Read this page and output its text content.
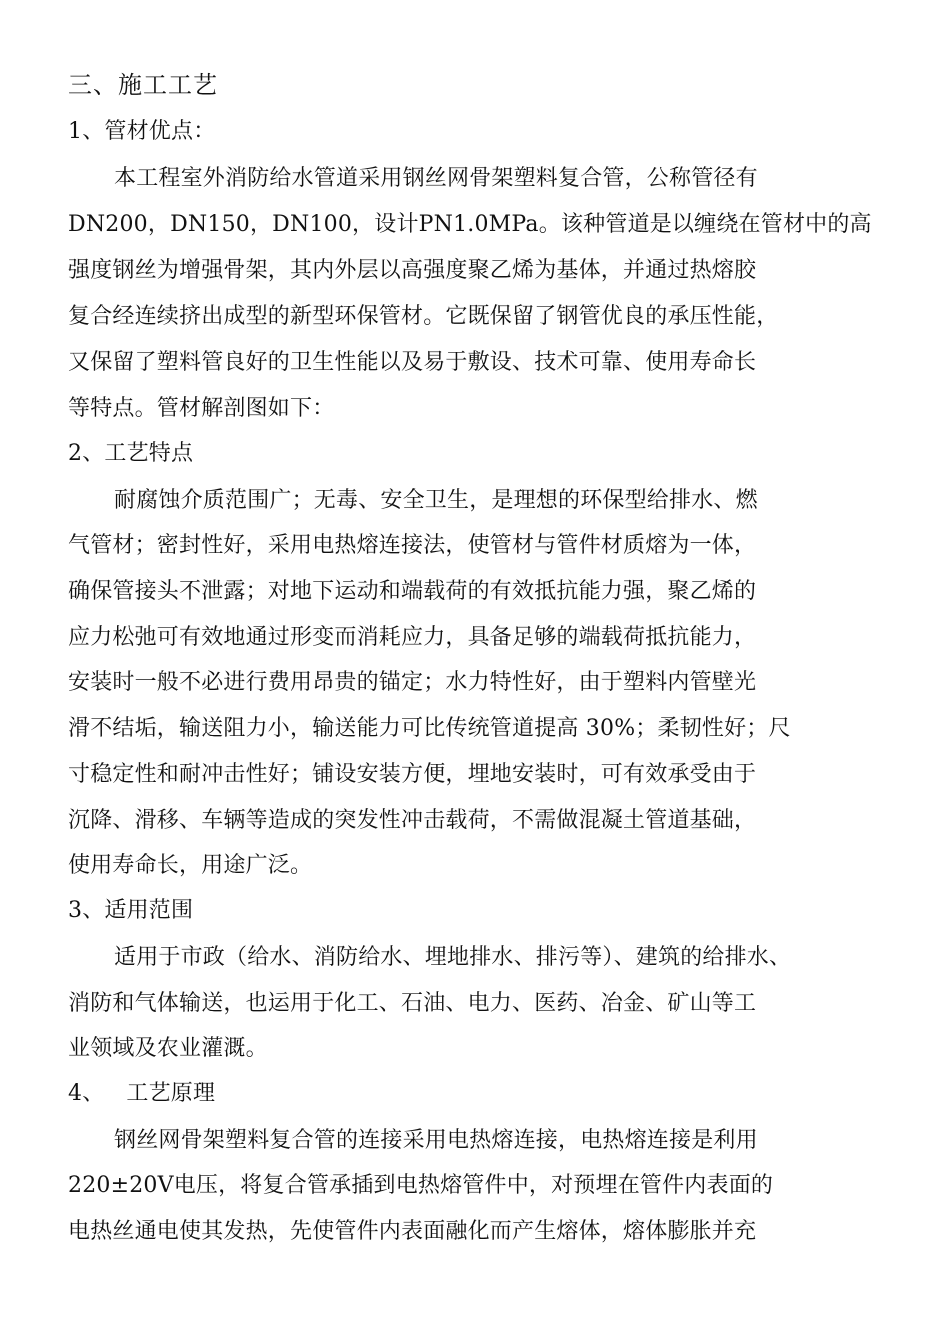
三、施工工艺
1、管材优点：
本工程室外消防给水管道采用钢丝网骨架塑料复合管，公称管径有
DN200，DN150，DN100，设计PN1.0MPa。该种管道是以缠绕在管材中的高
强度钢丝为增强骨架，其内外层以高强度聚乙烯为基体，并通过热熔胶
复合经连续挤出成型的新型环保管材。它既保留了钢管优良的承压性能，
又保留了塑料管良好的卫生性能以及易于敷设、技术可靠、使用寿命长
等特点。管材解剖图如下：
2、工艺特点
耐腐蚀介质范围广；无毒、安全卫生，是理想的环保型给排水、燃
气管材；密封性好，采用电热熔连接法，使管材与管件材质熔为一体，
确保管接头不泄露；对地下运动和端载荷的有效抵抗能力强，聚乙烯的
应力松弛可有效地通过形变而消耗应力，具备足够的端载荷抵抗能力，
安装时一般不必进行费用昂贵的锚定；水力特性好，由于塑料内管壁光
滑不结垢，输送阻力小，输送能力可比传统管道提高 30%；柔韧性好；尺
寸稳定性和耐冲击性好；铺设安装方便，埋地安装时，可有效承受由于
沉降、滑移、车辆等造成的突发性冲击载荷，不需做混凝土管道基础，
使用寿命长，用途广泛。
3、适用范围
适用于市政（给水、消防给水、埋地排水、排污等）、建筑的给排水、
消防和气体输送，也运用于化工、石油、电力、医药、冶金、矿山等工
业领域及农业灌溉。
4、 工艺原理
钢丝网骨架塑料复合管的连接采用电热熔连接，电热熔连接是利用
220±20V电压，将复合管承插到电热熔管件中，对预埋在管件内表面的
电热丝通电使其发热，先使管件内表面融化而产生熔体，熔体膨胀并充
